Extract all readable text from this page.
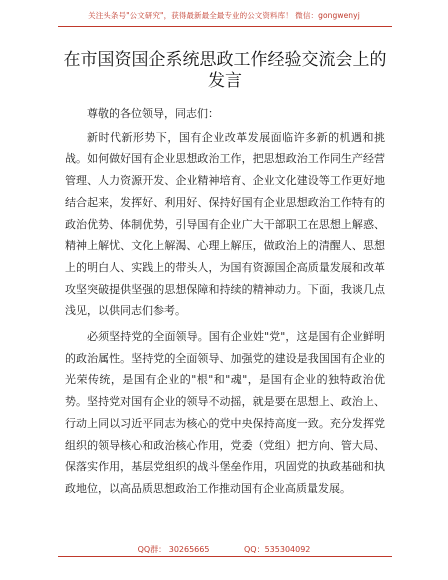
关注头条号"公文研究"，获得最新最全最专业的公文资料库！ 微信：gongwenyj
在市国资国企系统思政工作经验交流会上的发言

尊敬的各位领导，同志们：

新时代新形势下，国有企业改革发展面临许多新的机遇和挑战。如何做好国有企业思想政治工作，把思想政治工作同生产经营管理、人力资源开发、企业精神培育、企业文化建设等工作更好地结合起来，发挥好、利用好、保持好国有企业思想政治工作特有的政治优势、体制优势，引导国有企业广大干部职工在思想上解惑、精神上解忧、文化上解渴、心理上解压，做政治上的清醒人、思想上的明白人、实践上的带头人，为国有资源国企高质量发展和改革攻坚突破提供坚强的思想保障和持续的精神动力。下面，我谈几点浅见，以供同志们参考。

必须坚持党的全面领导。国有企业姓"党"，这是国有企业鲜明的政治属性。坚持党的全面领导、加强党的建设是我国国有企业的光荣传统，是国有企业的"根"和"魂"，是国有企业的独特政治优势。坚持党对国有企业的领导不动摇，就是要在思想上、政治上、行动上同以习近平同志为核心的党中央保持高度一致。充分发挥党组织的领导核心和政治核心作用，党委（党组）把方向、管大局、保落实作用，基层党组织的战斗堡垒作用，巩固党的执政基础和执政地位，以高品质思想政治工作推动国有企业高质量发展。

QQ群： 30265665	QQ：535304092
